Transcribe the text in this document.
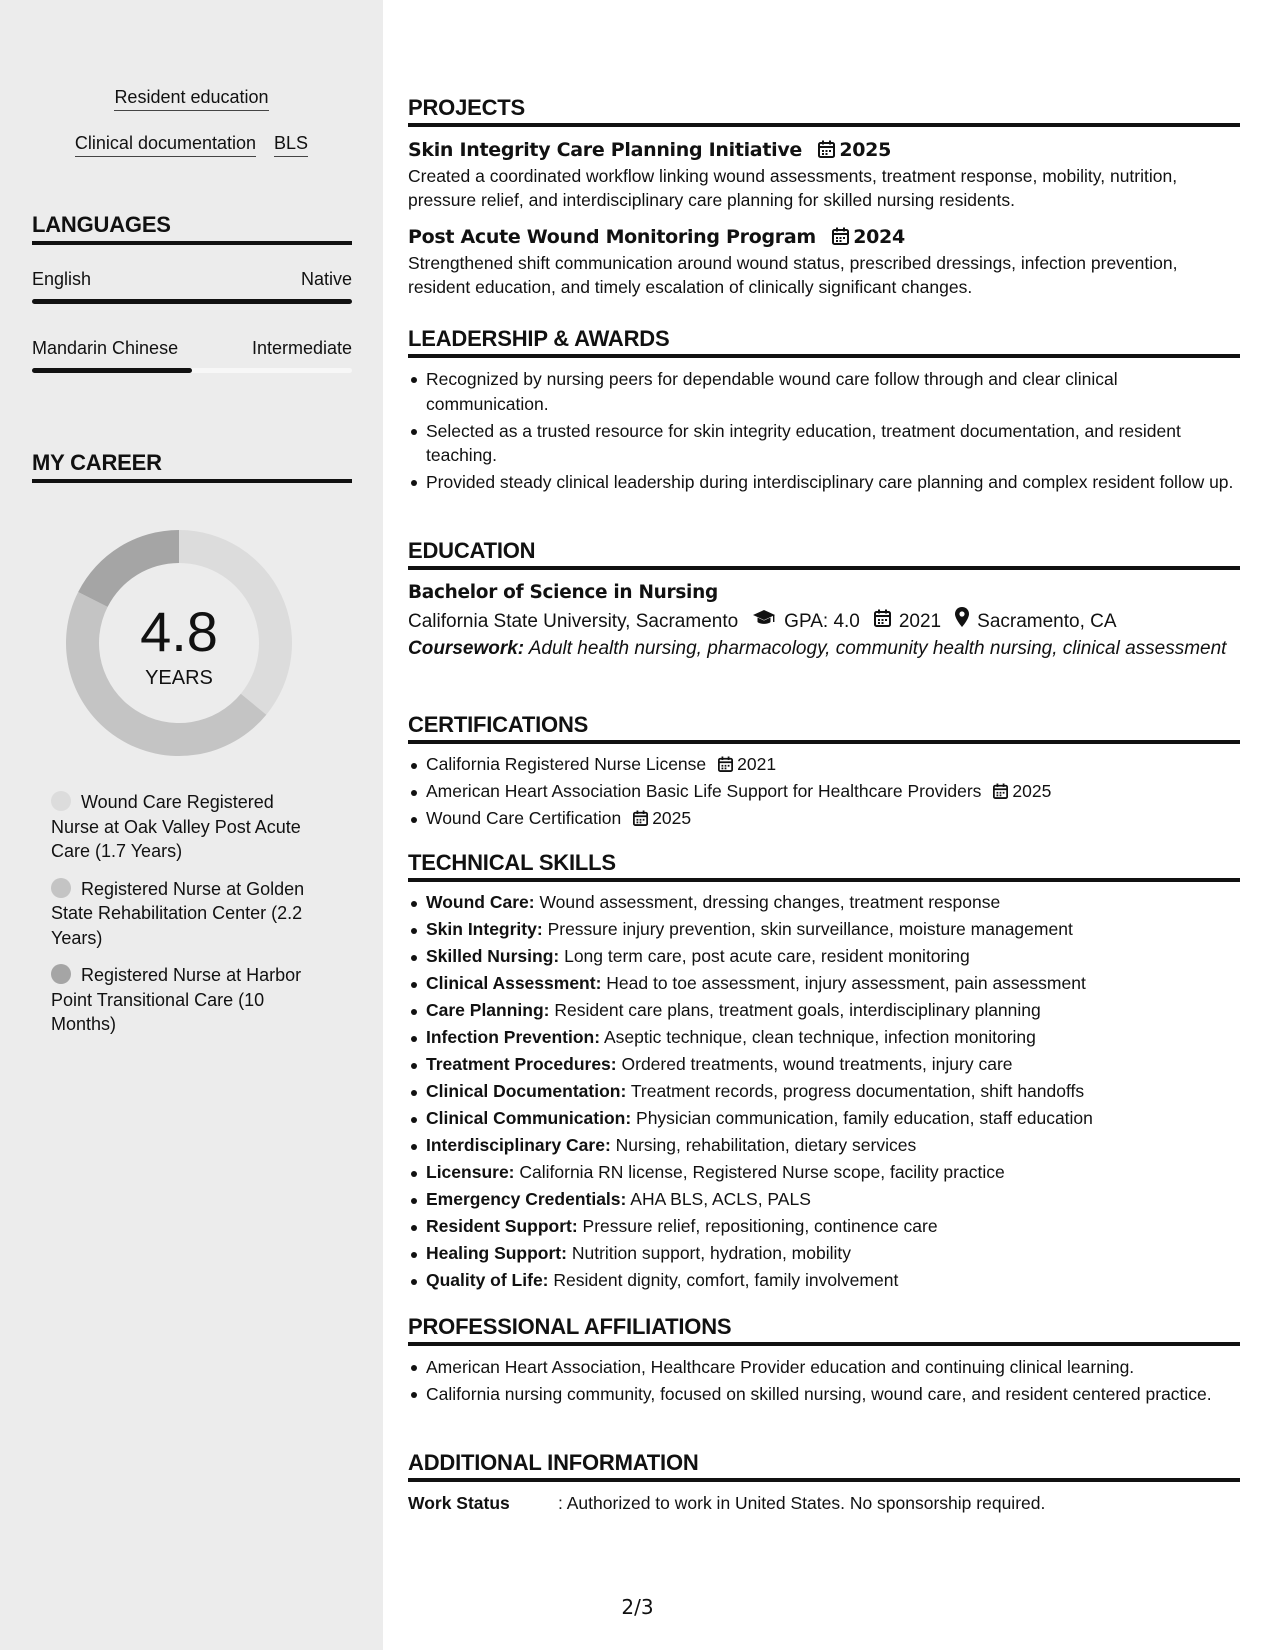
Resident education
Clinical documentation BLS
LANGUAGES
English	Native
Mandarin Chinese	Intermediate
MY CAREER
4.8
YEARS
Wound Care Registered Nurse at Oak Valley Post Acute Care (1.7 Years)
Registered Nurse at Golden State Rehabilitation Center (2.2 Years)
Registered Nurse at Harbor Point Transitional Care (10 Months)
PROJECTS
Skin Integrity Care Planning Initiative 2025
Created a coordinated workflow linking wound assessments, treatment response, mobility, nutrition, pressure relief, and interdisciplinary care planning for skilled nursing residents.
Post Acute Wound Monitoring Program 2024
Strengthened shift communication around wound status, prescribed dressings, infection prevention, resident education, and timely escalation of clinically significant changes.
LEADERSHIP & AWARDS
Recognized by nursing peers for dependable wound care follow through and clear clinical communication.
Selected as a trusted resource for skin integrity education, treatment documentation, and resident teaching.
Provided steady clinical leadership during interdisciplinary care planning and complex resident follow up.
EDUCATION
Bachelor of Science in Nursing
California State University, Sacramento GPA: 4.0 2021 Sacramento, CA
Coursework: Adult health nursing, pharmacology, community health nursing, clinical assessment
CERTIFICATIONS
California Registered Nurse License 2021
American Heart Association Basic Life Support for Healthcare Providers 2025
Wound Care Certification 2025
TECHNICAL SKILLS
Wound Care: Wound assessment, dressing changes, treatment response
Skin Integrity: Pressure injury prevention, skin surveillance, moisture management
Skilled Nursing: Long term care, post acute care, resident monitoring
Clinical Assessment: Head to toe assessment, injury assessment, pain assessment
Care Planning: Resident care plans, treatment goals, interdisciplinary planning
Infection Prevention: Aseptic technique, clean technique, infection monitoring
Treatment Procedures: Ordered treatments, wound treatments, injury care
Clinical Documentation: Treatment records, progress documentation, shift handoffs
Clinical Communication: Physician communication, family education, staff education
Interdisciplinary Care: Nursing, rehabilitation, dietary services
Licensure: California RN license, Registered Nurse scope, facility practice
Emergency Credentials: AHA BLS, ACLS, PALS
Resident Support: Pressure relief, repositioning, continence care
Healing Support: Nutrition support, hydration, mobility
Quality of Life: Resident dignity, comfort, family involvement
PROFESSIONAL AFFILIATIONS
American Heart Association, Healthcare Provider education and continuing clinical learning.
California nursing community, focused on skilled nursing, wound care, and resident centered practice.
ADDITIONAL INFORMATION
Work Status	: Authorized to work in United States. No sponsorship required.
2/3
